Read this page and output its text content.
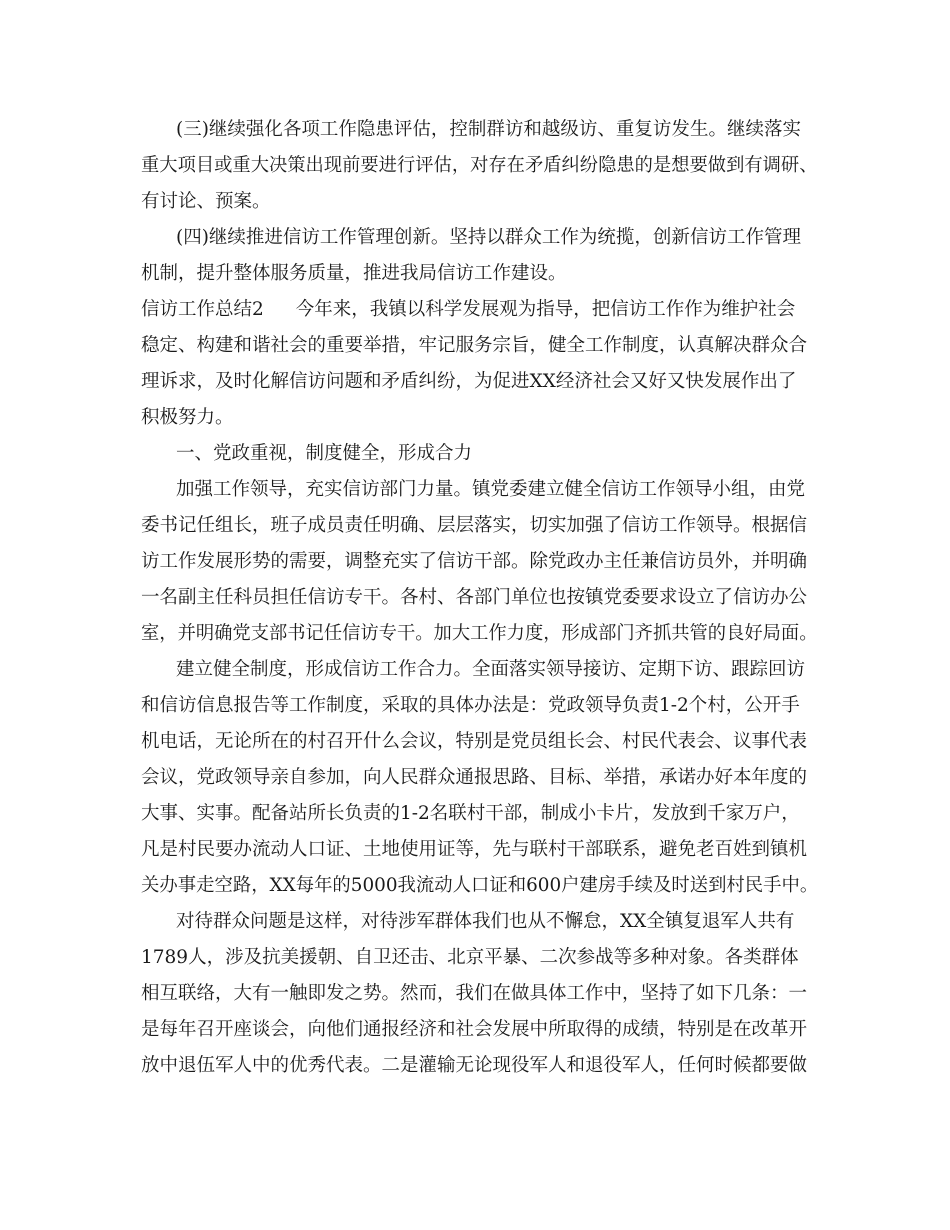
(三)继续强化各项工作隐患评估，控制群访和越级访、重复访发生。继续落实
重大项目或重大决策出现前要进行评估，对存在矛盾纠纷隐患的是想要做到有调研、
有讨论、预案。
(四)继续推进信访工作管理创新。坚持以群众工作为统揽，创新信访工作管理
机制，提升整体服务质量，推进我局信访工作建设。
信访工作总结2 今年来，我镇以科学发展观为指导，把信访工作作为维护社会
稳定、构建和谐社会的重要举措，牢记服务宗旨，健全工作制度，认真解决群众合
理诉求，及时化解信访问题和矛盾纠纷，为促进XX经济社会又好又快发展作出了
积极努力。
一、党政重视，制度健全，形成合力
加强工作领导，充实信访部门力量。镇党委建立健全信访工作领导小组，由党
委书记任组长，班子成员责任明确、层层落实，切实加强了信访工作领导。根据信
访工作发展形势的需要，调整充实了信访干部。除党政办主任兼信访员外，并明确
一名副主任科员担任信访专干。各村、各部门单位也按镇党委要求设立了信访办公
室，并明确党支部书记任信访专干。加大工作力度，形成部门齐抓共管的良好局面。
建立健全制度，形成信访工作合力。全面落实领导接访、定期下访、跟踪回访
和信访信息报告等工作制度，采取的具体办法是：党政领导负责1-2个村，公开手
机电话，无论所在的村召开什么会议，特别是党员组长会、村民代表会、议事代表
会议，党政领导亲自参加，向人民群众通报思路、目标、举措，承诺办好本年度的
大事、实事。配备站所长负责的1-2名联村干部，制成小卡片，发放到千家万户，
凡是村民要办流动人口证、土地使用证等，先与联村干部联系，避免老百姓到镇机
关办事走空路，XX每年的5000我流动人口证和600户建房手续及时送到村民手中。
对待群众问题是这样，对待涉军群体我们也从不懈怠，XX全镇复退军人共有
1789人，涉及抗美援朝、自卫还击、北京平暴、二次参战等多种对象。各类群体
相互联络，大有一触即发之势。然而，我们在做具体工作中，坚持了如下几条：一
是每年召开座谈会，向他们通报经济和社会发展中所取得的成绩，特别是在改革开
放中退伍军人中的优秀代表。二是灌输无论现役军人和退役军人，任何时候都要做
